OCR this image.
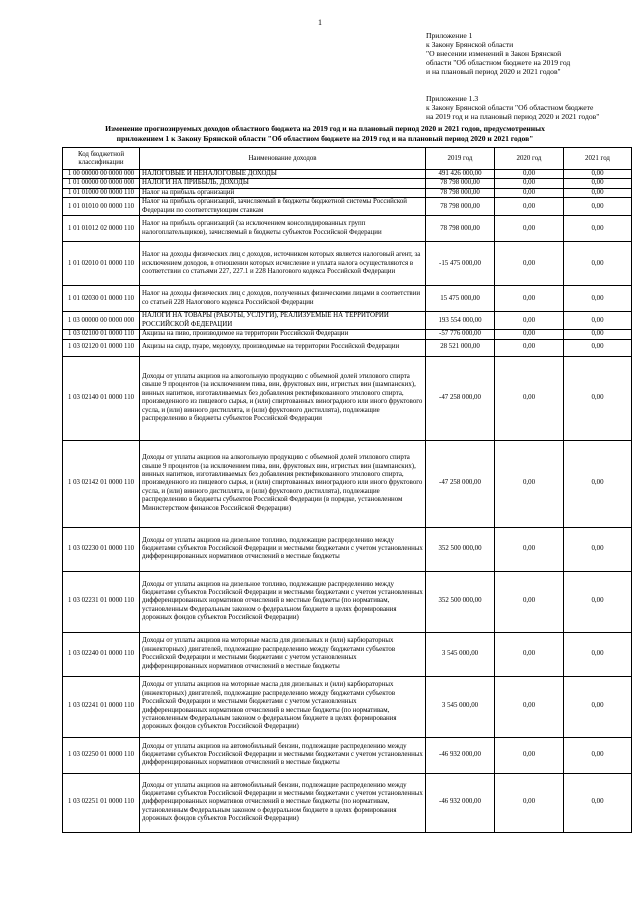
1
Приложение 1
к Закону Брянской области
"О внесении изменений в Закон Брянской
области "Об областном бюджете на 2019 год
и на плановый период 2020 и 2021 годов"
Приложение 1.3
к Закону Брянской области "Об областном бюджете
на 2019 год и на плановый период 2020 и 2021 годов"
Изменение прогнозируемых доходов областного бюджета на 2019 год и на плановый период 2020 и 2021 годов, предусмотренных
приложением 1 к Закону Брянской области "Об областном бюджете на 2019 год и на плановый период 2020 и 2021 годов"
Код бюджетной классификации	Наименование доходов	2019 год	2020 год	2021 год
1 00 00000 00 0000 000	НАЛОГОВЫЕ И НЕНАЛОГОВЫЕ ДОХОДЫ	491 426 000,00	0,00	0,00
1 01 00000 00 0000 000	НАЛОГИ НА ПРИБЫЛЬ, ДОХОДЫ	78 798 000,00	0,00	0,00
1 01 01000 00 0000 110	Налог на прибыль организаций	78 798 000,00	0,00	0,00
1 01 01010 00 0000 110	Налог на прибыль организаций, зачисляемый в бюджеты бюджетной системы Российской Федерации по соответствующим ставкам	78 798 000,00	0,00	0,00
1 01 01012 02 0000 110	Налог на прибыль организаций (за исключением консолидированных групп налогоплательщиков), зачисляемый в бюджеты субъектов Российской Федерации	78 798 000,00	0,00	0,00
1 01 02010 01 0000 110	Налог на доходы физических лиц с доходов, источником которых является налоговый агент, за исключением доходов, в отношении которых исчисление и уплата налога осуществляются в соответствии со статьями 227, 227.1 и 228 Налогового кодекса Российской Федерации	-15 475 000,00	0,00	0,00
1 01 02030 01 0000 110	Налог на доходы физических лиц с доходов, полученных физическими лицами в соответствии со статьей 228 Налогового кодекса Российской Федерации	15 475 000,00	0,00	0,00
1 03 00000 00 0000 000	НАЛОГИ НА ТОВАРЫ (РАБОТЫ, УСЛУГИ), РЕАЛИЗУЕМЫЕ НА ТЕРРИТОРИИ РОССИЙСКОЙ ФЕДЕРАЦИИ	193 554 000,00	0,00	0,00
1 03 02100 01 0000 110	Акцизы на пиво, производимое на территории Российской Федерации	-57 776 000,00	0,00	0,00
1 03 02120 01 0000 110	Акцизы на сидр, пуаре, медовуху, производимые на территории Российской Федерации	28 521 000,00	0,00	0,00
1 03 02140 01 0000 110	Доходы от уплаты акцизов на алкогольную продукцию с объемной долей этилового спирта свыше 9 процентов (за исключением пива, вин, фруктовых вин, игристых вин (шампанских), винных напитков, изготавливаемых без добавления ректификованного этилового спирта, произведенного из пищевого сырья, и (или) спиртованных виноградного или иного фруктового сусла, и (или) винного дистиллята, и (или) фруктового дистиллята), подлежащие распределению в бюджеты субъектов Российской Федерации	-47 258 000,00	0,00	0,00
1 03 02142 01 0000 110	Доходы от уплаты акцизов на алкогольную продукцию с объемной долей этилового спирта свыше 9 процентов (за исключением пива, вин, фруктовых вин, игристых вин (шампанских), винных напитков, изготавливаемых без добавления ректификованного этилового спирта, произведенного из пищевого сырья, и (или) спиртованных виноградного или иного фруктового сусла, и (или) винного дистиллята, и (или) фруктового дистиллята), подлежащие распределению в бюджеты субъектов Российской Федерации (в порядке, установленном Министерством финансов Российской Федерации)	-47 258 000,00	0,00	0,00
1 03 02230 01 0000 110	Доходы от уплаты акцизов на дизельное топливо, подлежащие распределению между бюджетами субъектов Российской Федерации и местными бюджетами с учетом установленных дифференцированных нормативов отчислений в местные бюджеты	352 500 000,00	0,00	0,00
1 03 02231 01 0000 110	Доходы от уплаты акцизов на дизельное топливо, подлежащие распределению между бюджетами субъектов Российской Федерации и местными бюджетами с учетом установленных дифференцированных нормативов отчислений в местные бюджеты (по нормативам, установленным Федеральным законом о федеральном бюджете в целях формирования дорожных фондов субъектов Российской Федерации)	352 500 000,00	0,00	0,00
1 03 02240 01 0000 110	Доходы от уплаты акцизов на моторные масла для дизельных и (или) карбюраторных (инжекторных) двигателей, подлежащие распределению между бюджетами субъектов Российской Федерации и местными бюджетами с учетом установленных дифференцированных нормативов отчислений в местные бюджеты	3 545 000,00	0,00	0,00
1 03 02241 01 0000 110	Доходы от уплаты акцизов на моторные масла для дизельных и (или) карбюраторных (инжекторных) двигателей, подлежащие распределению между бюджетами субъектов Российской Федерации и местными бюджетами с учетом установленных дифференцированных нормативов отчислений в местные бюджеты (по нормативам, установленным Федеральным законом о федеральном бюджете в целях формирования дорожных фондов субъектов Российской Федерации)	3 545 000,00	0,00	0,00
1 03 02250 01 0000 110	Доходы от уплаты акцизов на автомобильный бензин, подлежащие распределению между бюджетами субъектов Российской Федерации и местными бюджетами с учетом установленных дифференцированных нормативов отчислений в местные бюджеты	-46 932 000,00	0,00	0,00
1 03 02251 01 0000 110	Доходы от уплаты акцизов на автомобильный бензин, подлежащие распределению между бюджетами субъектов Российской Федерации и местными бюджетами с учетом установленных дифференцированных нормативов отчислений в местные бюджеты (по нормативам, установленным Федеральным законом о федеральном бюджете в целях формирования дорожных фондов субъектов Российской Федерации)	-46 932 000,00	0,00	0,00
